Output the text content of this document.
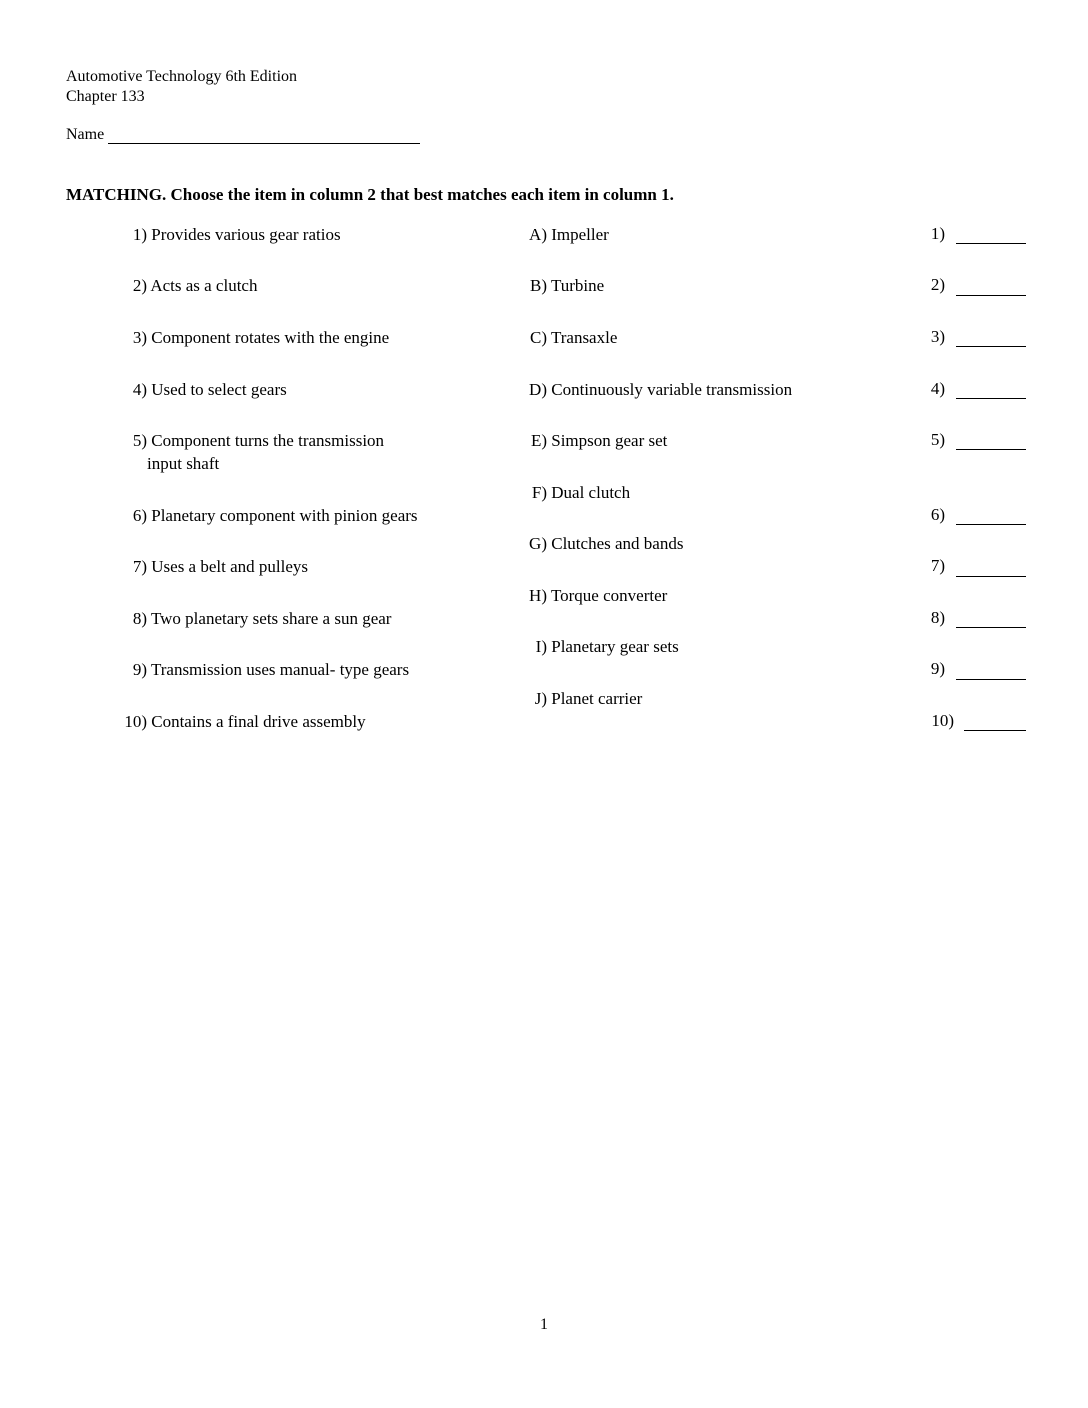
Automotive Technology 6th Edition
Chapter 133
Name
MATCHING. Choose the item in column 2 that best matches each item in column 1.
1) Provides various gear ratios
2) Acts as a clutch
3) Component rotates with the engine
4) Used to select gears
5) Component turns the transmission
input shaft
6) Planetary component with pinion gears
7) Uses a belt and pulleys
8) Two planetary sets share a sun gear
9) Transmission uses manual- type gears
10) Contains a final drive assembly
A) Impeller
B) Turbine
C) Transaxle
D) Continuously variable transmission
E) Simpson gear set
F) Dual clutch
G) Clutches and bands
H) Torque converter
I) Planetary gear sets
J) Planet carrier
1)
2)
3)
4)
5)
6)
7)
8)
9)
10)
1
